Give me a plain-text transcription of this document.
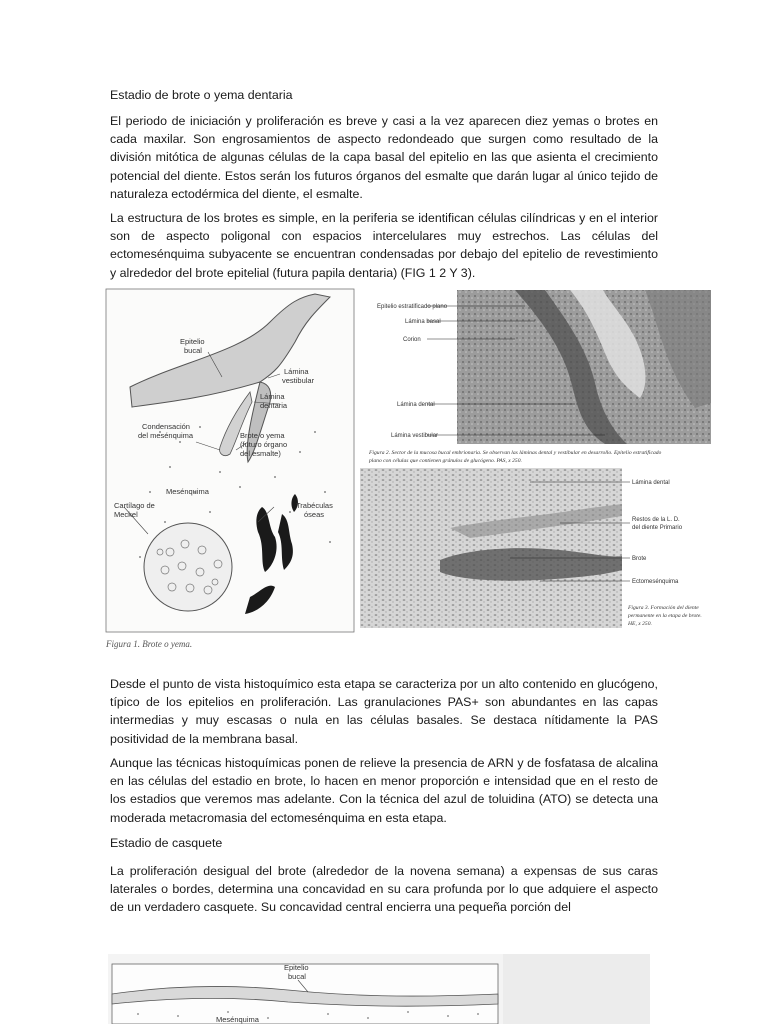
Estadio de brote o yema dentaria

El periodo de iniciación y proliferación es breve y casi a la vez aparecen diez yemas o brotes en cada maxilar. Son engrosamientos de aspecto redondeado que surgen como resultado de la división mitótica de algunas células de la capa basal del epitelio en las que asienta el crecimiento potencial del diente. Estos serán los futuros órganos del esmalte que darán lugar al único tejido de naturaleza ectodérmica del diente, el esmalte.

La estructura de los brotes es simple, en la periferia se identifican células cilíndricas y en el interior son de aspecto poligonal con espacios intercelulares muy estrechos. Las células del ectomesénquima subyacente se encuentran condensadas por debajo del epitelio de revestimiento y alrededor del brote epitelial (futura papila dentaria) (FIG 1 2 Y 3).

Epitelio
bucal
Lámina
vestibular
Lámina
dentaria
Condensación
del mesénquima	Brote o yema
(futuro órgano
del esmalte)
Mesénquima
Cartílago de
Meckel
Trabéculas
óseas
Figura 1. Brote o yema.
Epitelio estratificado plano
Lámina basal
Corion
Lámina dental
Lámina vestibular
Figura 2. Sector de la mucosa bucal embrionaria. Se observan las láminas dental y vestibular en desarrollo. Epitelio estratificado
plano con células que contienen gránulos de glucógeno. PAS, x 250.
Lámina dental
Restos de la L. D.
del diente Primario
Brote
Ectomesénquima
Figura 3. Formación del diente
permanente en la etapa de brote.
HE, x 250.

Desde el punto de vista histoquímico esta etapa se caracteriza por un alto contenido en glucógeno, típico de los epitelios en proliferación. Las granulaciones PAS+ son abundantes en las capas intermedias y muy escasas o nula en las células basales. Se destaca nítidamente la PAS positividad de la membrana basal.

Aunque las técnicas histoquímicas ponen de relieve la presencia de ARN y de fosfatasa de alcalina en las células del estadio en brote, lo hacen en menor proporción e intensidad que en el resto de los estadios que veremos mas adelante. Con la técnica del azul de toluidina (ATO) se detecta una moderada metacromasia del ectomesénquima en esta etapa.

Estadio de casquete

La proliferación desigual del brote (alrededor de la novena semana) a expensas de sus caras laterales o bordes, determina una concavidad en su cara profunda por lo que adquiere el aspecto de un verdadero casquete. Su concavidad central encierra una pequeña porción del

Epitelio
bucal
Mesénquima
